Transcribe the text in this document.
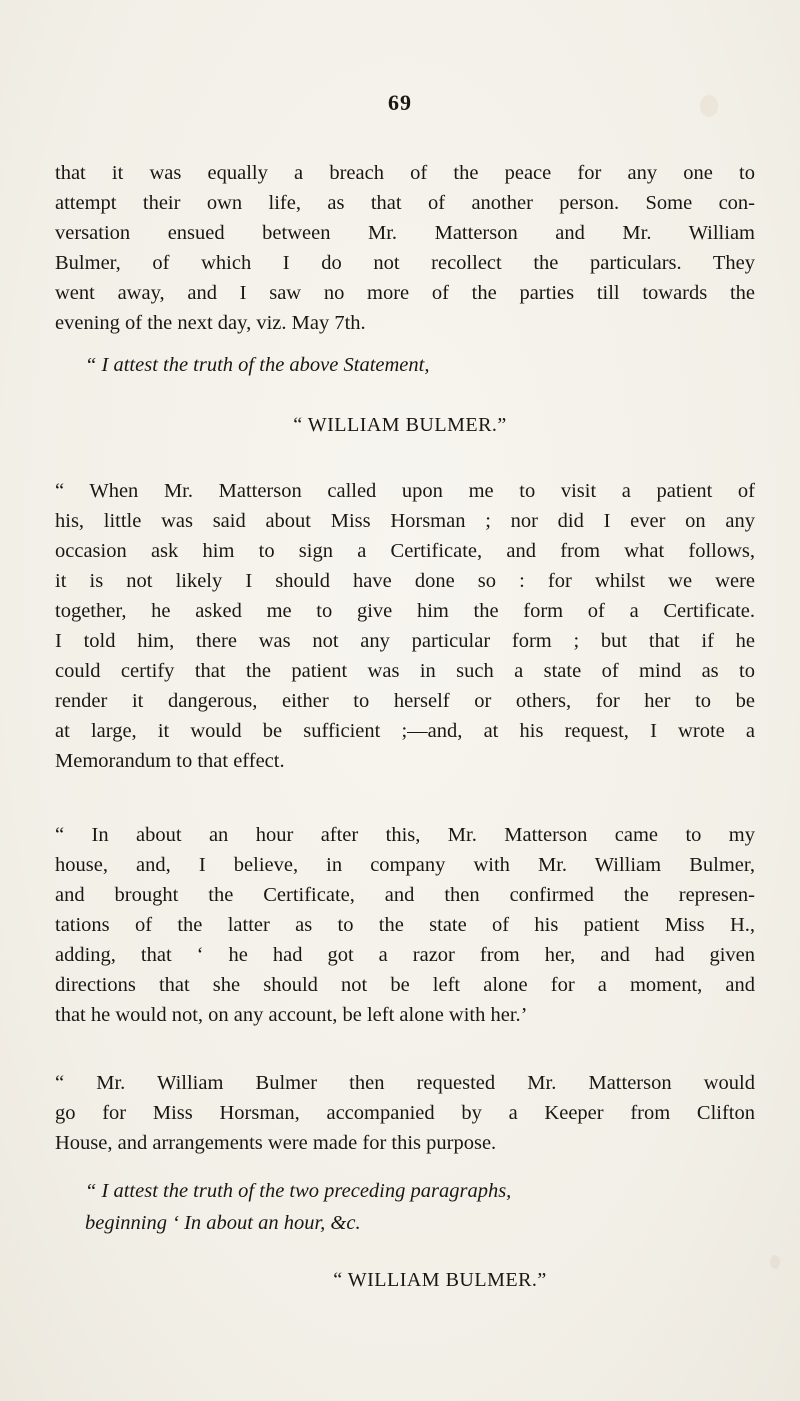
69
that it was equally a breach of the peace for any one to
attempt their own life, as that of another person. Some con-
versation ensued between Mr. Matterson and Mr. William
Bulmer, of which I do not recollect the particulars. They
went away, and I saw no more of the parties till towards the
evening of the next day, viz. May 7th.
“ I attest the truth of the above Statement,
“ WILLIAM BULMER.”
“ When Mr. Matterson called upon me to visit a patient of
his, little was said about Miss Horsman ; nor did I ever on any
occasion ask him to sign a Certificate, and from what follows,
it is not likely I should have done so : for whilst we were
together, he asked me to give him the form of a Certificate.
I told him, there was not any particular form ; but that if he
could certify that the patient was in such a state of mind as to
render it dangerous, either to herself or others, for her to be
at large, it would be sufficient ;—and, at his request, I wrote a
Memorandum to that effect.
“ In about an hour after this, Mr. Matterson came to my
house, and, I believe, in company with Mr. William Bulmer,
and brought the Certificate, and then confirmed the represen-
tations of the latter as to the state of his patient Miss H.,
adding, that ‘ he had got a razor from her, and had given
directions that she should not be left alone for a moment, and
that he would not, on any account, be left alone with her.’
“ Mr. William Bulmer then requested Mr. Matterson would
go for Miss Horsman, accompanied by a Keeper from Clifton
House, and arrangements were made for this purpose.
“ I attest the truth of the two preceding paragraphs,
beginning ‘ In about an hour, &c.
“ WILLIAM BULMER.”
